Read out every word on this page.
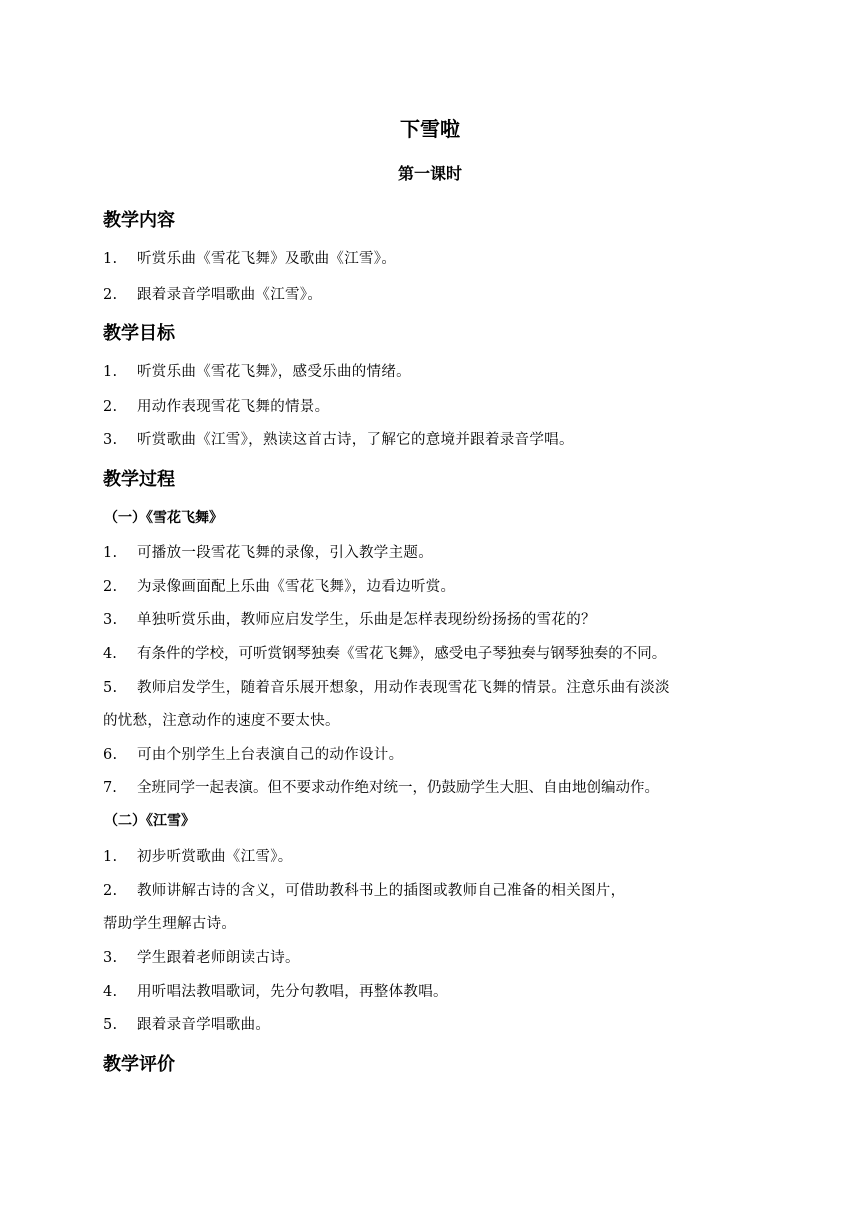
下雪啦
第一课时
教学内容
1. 听赏乐曲《雪花飞舞》及歌曲《江雪》。
2. 跟着录音学唱歌曲《江雪》。
教学目标
1. 听赏乐曲《雪花飞舞》，感受乐曲的情绪。
2. 用动作表现雪花飞舞的情景。
3. 听赏歌曲《江雪》，熟读这首古诗，了解它的意境并跟着录音学唱。
教学过程
（一）《雪花飞舞》
1. 可播放一段雪花飞舞的录像，引入教学主题。
2. 为录像画面配上乐曲《雪花飞舞》，边看边听赏。
3. 单独听赏乐曲，教师应启发学生，乐曲是怎样表现纷纷扬扬的雪花的？
4. 有条件的学校，可听赏钢琴独奏《雪花飞舞》，感受电子琴独奏与钢琴独奏的不同。
5. 教师启发学生，随着音乐展开想象，用动作表现雪花飞舞的情景。注意乐曲有淡淡
的忧愁，注意动作的速度不要太快。
6. 可由个别学生上台表演自己的动作设计。
7. 全班同学一起表演。但不要求动作绝对统一，仍鼓励学生大胆、自由地创编动作。
（二）《江雪》
1. 初步听赏歌曲《江雪》。
2. 教师讲解古诗的含义，可借助教科书上的插图或教师自己准备的相关图片，
帮助学生理解古诗。
3. 学生跟着老师朗读古诗。
4. 用听唱法教唱歌词，先分句教唱，再整体教唱。
5. 跟着录音学唱歌曲。
教学评价
